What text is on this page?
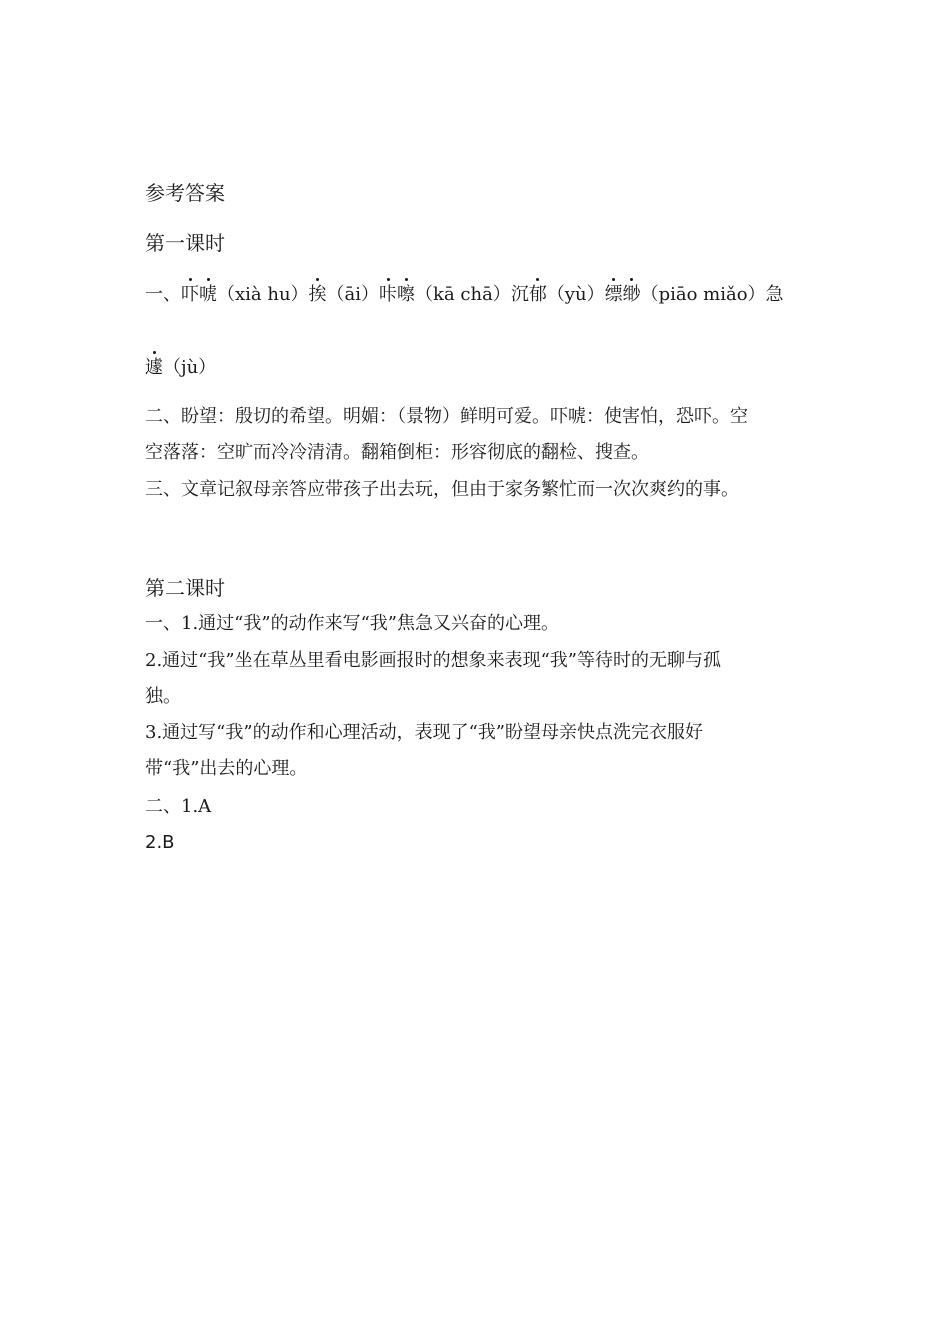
参考答案
第一课时
一、吓唬（xià hu）挨（āi）咔嚓（kā chā）沉郁（yù）缥缈（piāo miǎo）急
遽（jù）
二、盼望：殷切的希望。明媚：（景物）鲜明可爱。吓唬：使害怕，恐吓。空
空落落：空旷而冷冷清清。翻箱倒柜：形容彻底的翻检、搜查。
三、文章记叙母亲答应带孩子出去玩，但由于家务繁忙而一次次爽约的事。
第二课时
一、1.通过“我”的动作来写“我”焦急又兴奋的心理。
2.通过“我”坐在草丛里看电影画报时的想象来表现“我”等待时的无聊与孤
独。
3.通过写“我”的动作和心理活动，表现了“我”盼望母亲快点洗完衣服好
带“我”出去的心理。
二、1.A
2.B
